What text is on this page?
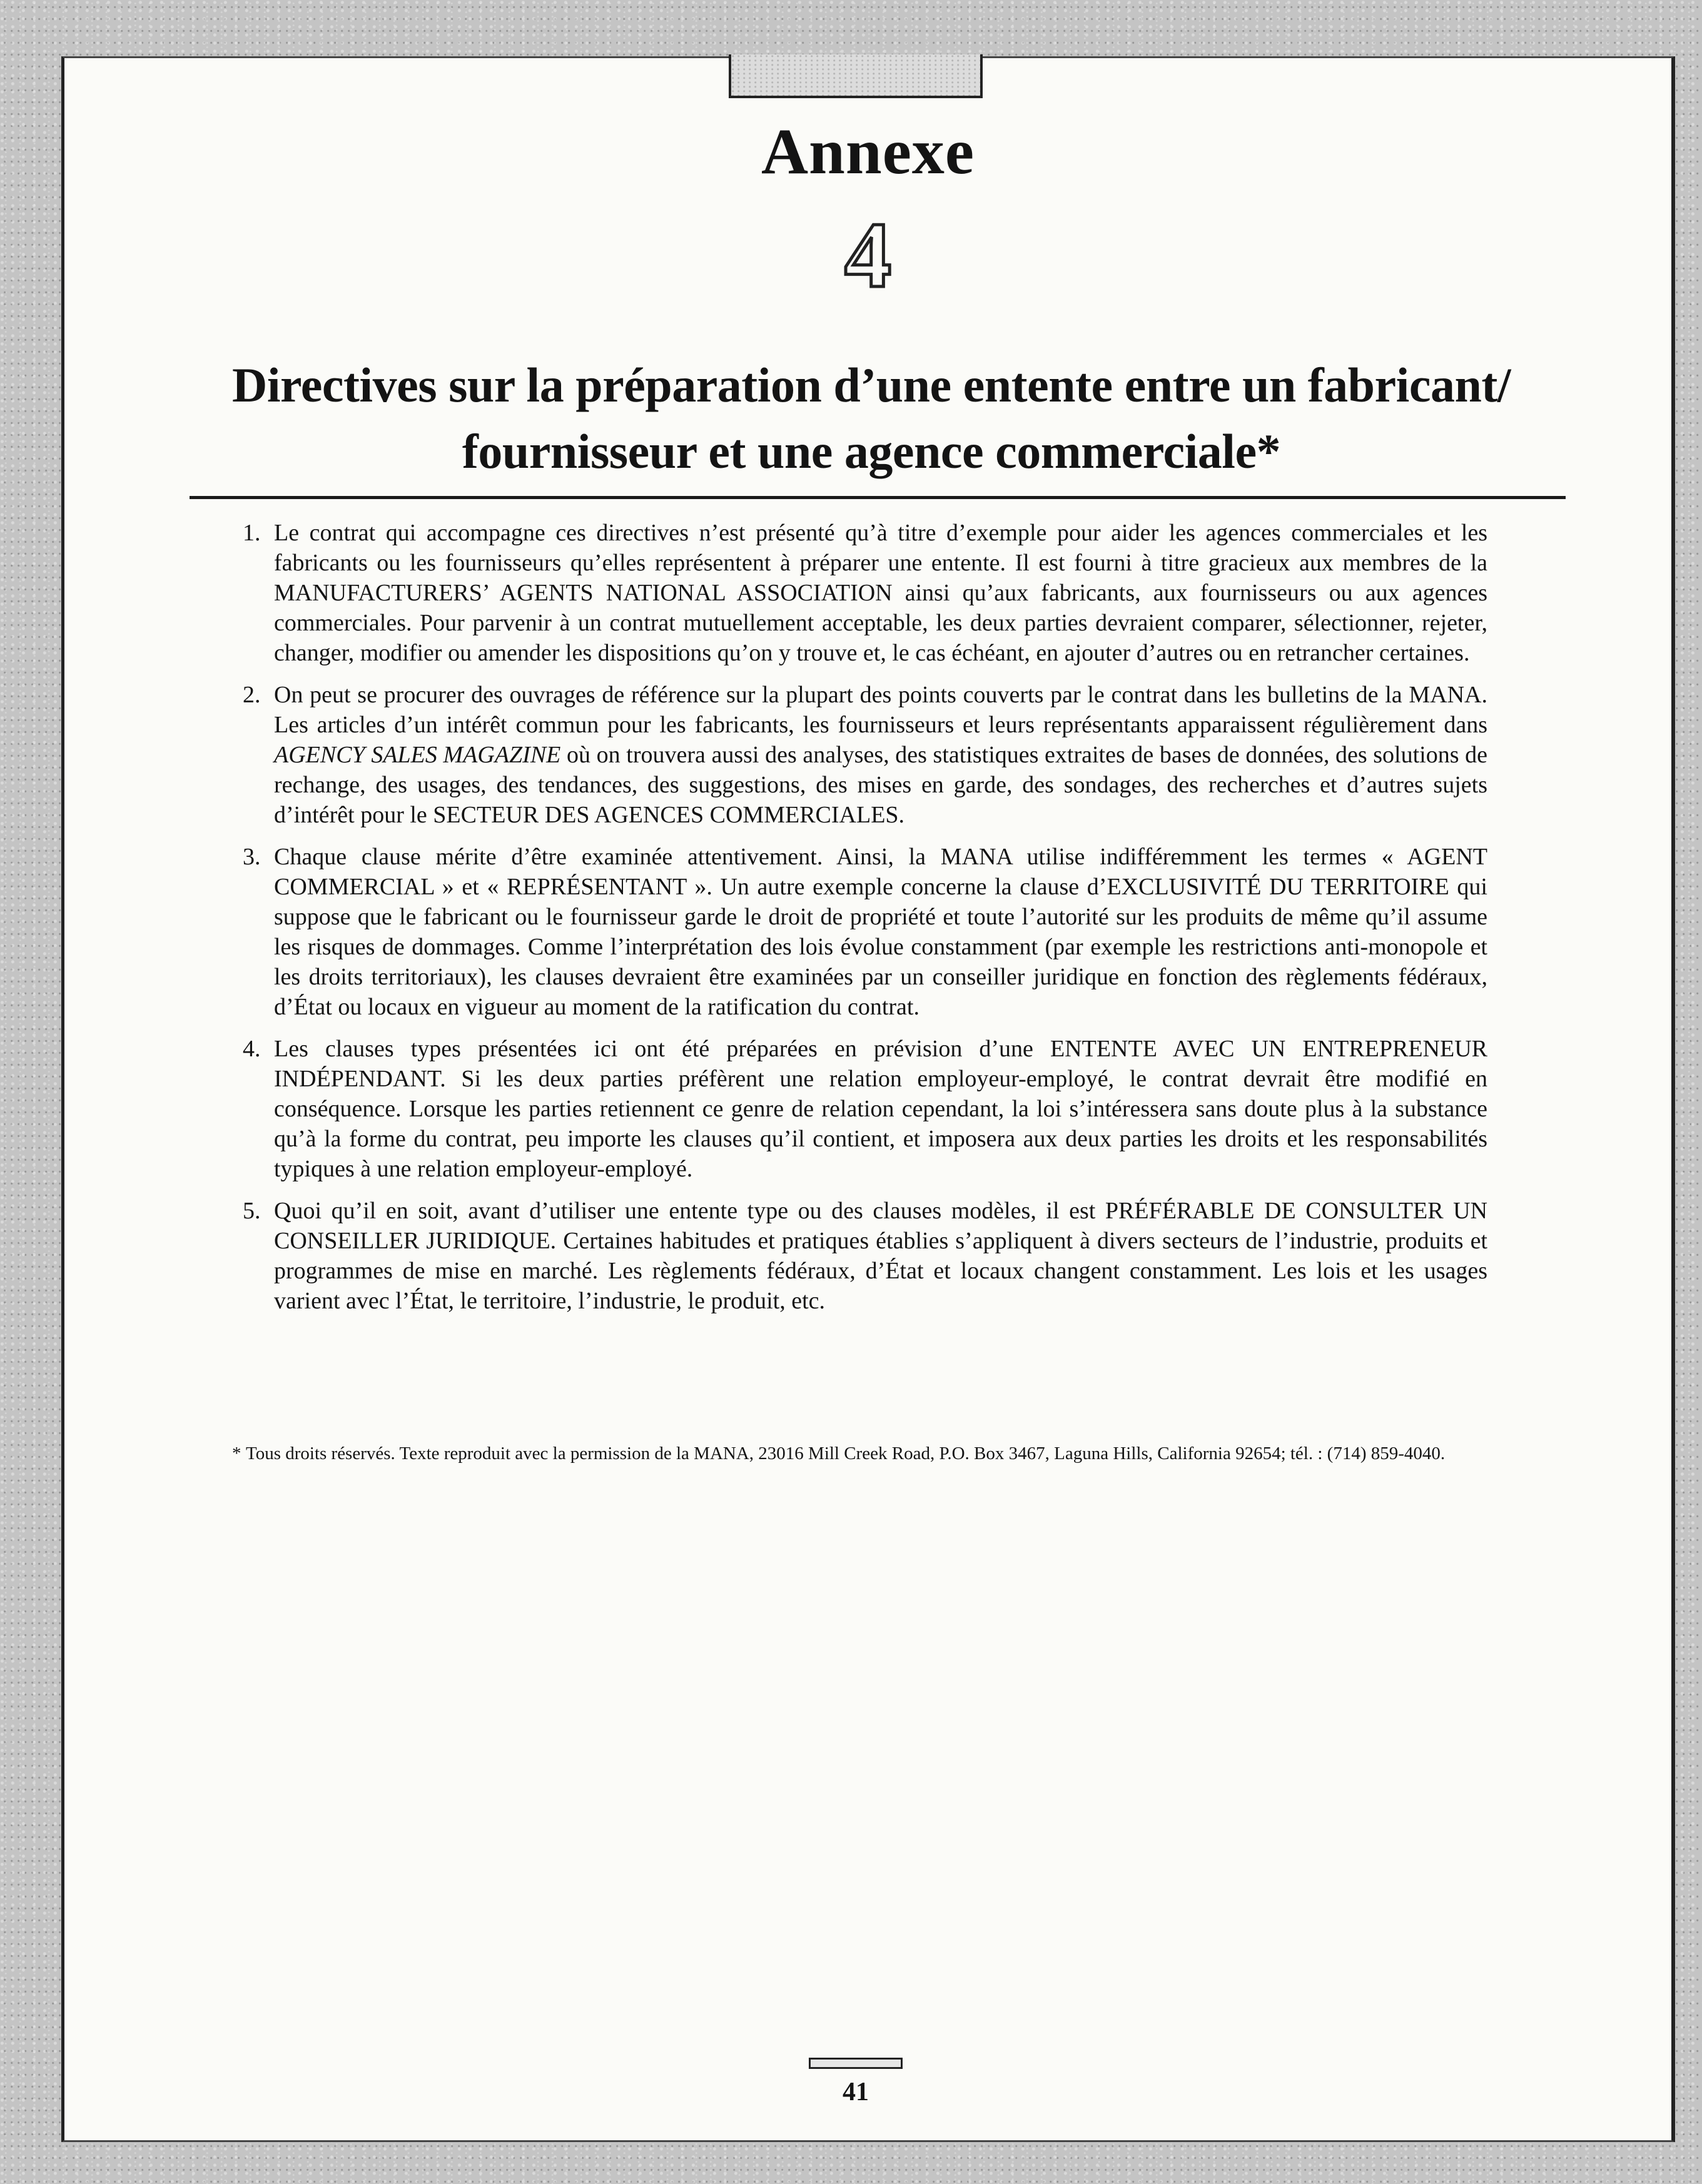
Annexe
4
Directives sur la préparation d’une entente entre un fabricant/
fournisseur et une agence commerciale*
1. Le contrat qui accompagne ces directives n’est présenté qu’à titre d’exemple pour aider les agences commerciales et les fabricants ou les fournisseurs qu’elles représentent à préparer une entente. Il est fourni à titre gracieux aux membres de la MANUFACTURERS’ AGENTS NATIONAL ASSOCIATION ainsi qu’aux fabricants, aux fournisseurs ou aux agences commerciales. Pour parvenir à un contrat mutuellement acceptable, les deux parties devraient comparer, sélectionner, rejeter, changer, modifier ou amender les dispositions qu’on y trouve et, le cas échéant, en ajouter d’autres ou en retrancher certaines.
2. On peut se procurer des ouvrages de référence sur la plupart des points couverts par le contrat dans les bulletins de la MANA. Les articles d’un intérêt commun pour les fabricants, les fournisseurs et leurs représentants apparaissent régulièrement dans AGENCY SALES MAGAZINE où on trouvera aussi des analyses, des statistiques extraites de bases de données, des solutions de rechange, des usages, des tendances, des suggestions, des mises en garde, des sondages, des recherches et d’autres sujets d’intérêt pour le SECTEUR DES AGENCES COMMERCIALES.
3. Chaque clause mérite d’être examinée attentivement. Ainsi, la MANA utilise indifféremment les termes « AGENT COMMERCIAL » et « REPRÉSENTANT ». Un autre exemple concerne la clause d’EXCLUSIVITÉ DU TERRITOIRE qui suppose que le fabricant ou le fournisseur garde le droit de propriété et toute l’autorité sur les produits de même qu’il assume les risques de dommages. Comme l’interprétation des lois évolue constamment (par exemple les restrictions anti-monopole et les droits territoriaux), les clauses devraient être examinées par un conseiller juridique en fonction des règlements fédéraux, d’État ou locaux en vigueur au moment de la ratification du contrat.
4. Les clauses types présentées ici ont été préparées en prévision d’une ENTENTE AVEC UN ENTREPRENEUR INDÉPENDANT. Si les deux parties préfèrent une relation employeur-employé, le contrat devrait être modifié en conséquence. Lorsque les parties retiennent ce genre de relation cependant, la loi s’intéressera sans doute plus à la substance qu’à la forme du contrat, peu importe les clauses qu’il contient, et imposera aux deux parties les droits et les responsabilités typiques à une relation employeur-employé.
5. Quoi qu’il en soit, avant d’utiliser une entente type ou des clauses modèles, il est PRÉFÉRABLE DE CONSULTER UN CONSEILLER JURIDIQUE. Certaines habitudes et pratiques établies s’appliquent à divers secteurs de l’industrie, produits et programmes de mise en marché. Les règlements fédéraux, d’État et locaux changent constamment. Les lois et les usages varient avec l’État, le territoire, l’industrie, le produit, etc.
* Tous droits réservés. Texte reproduit avec la permission de la MANA, 23016 Mill Creek Road, P.O. Box 3467, Laguna Hills, California 92654; tél. : (714) 859-4040.
41
